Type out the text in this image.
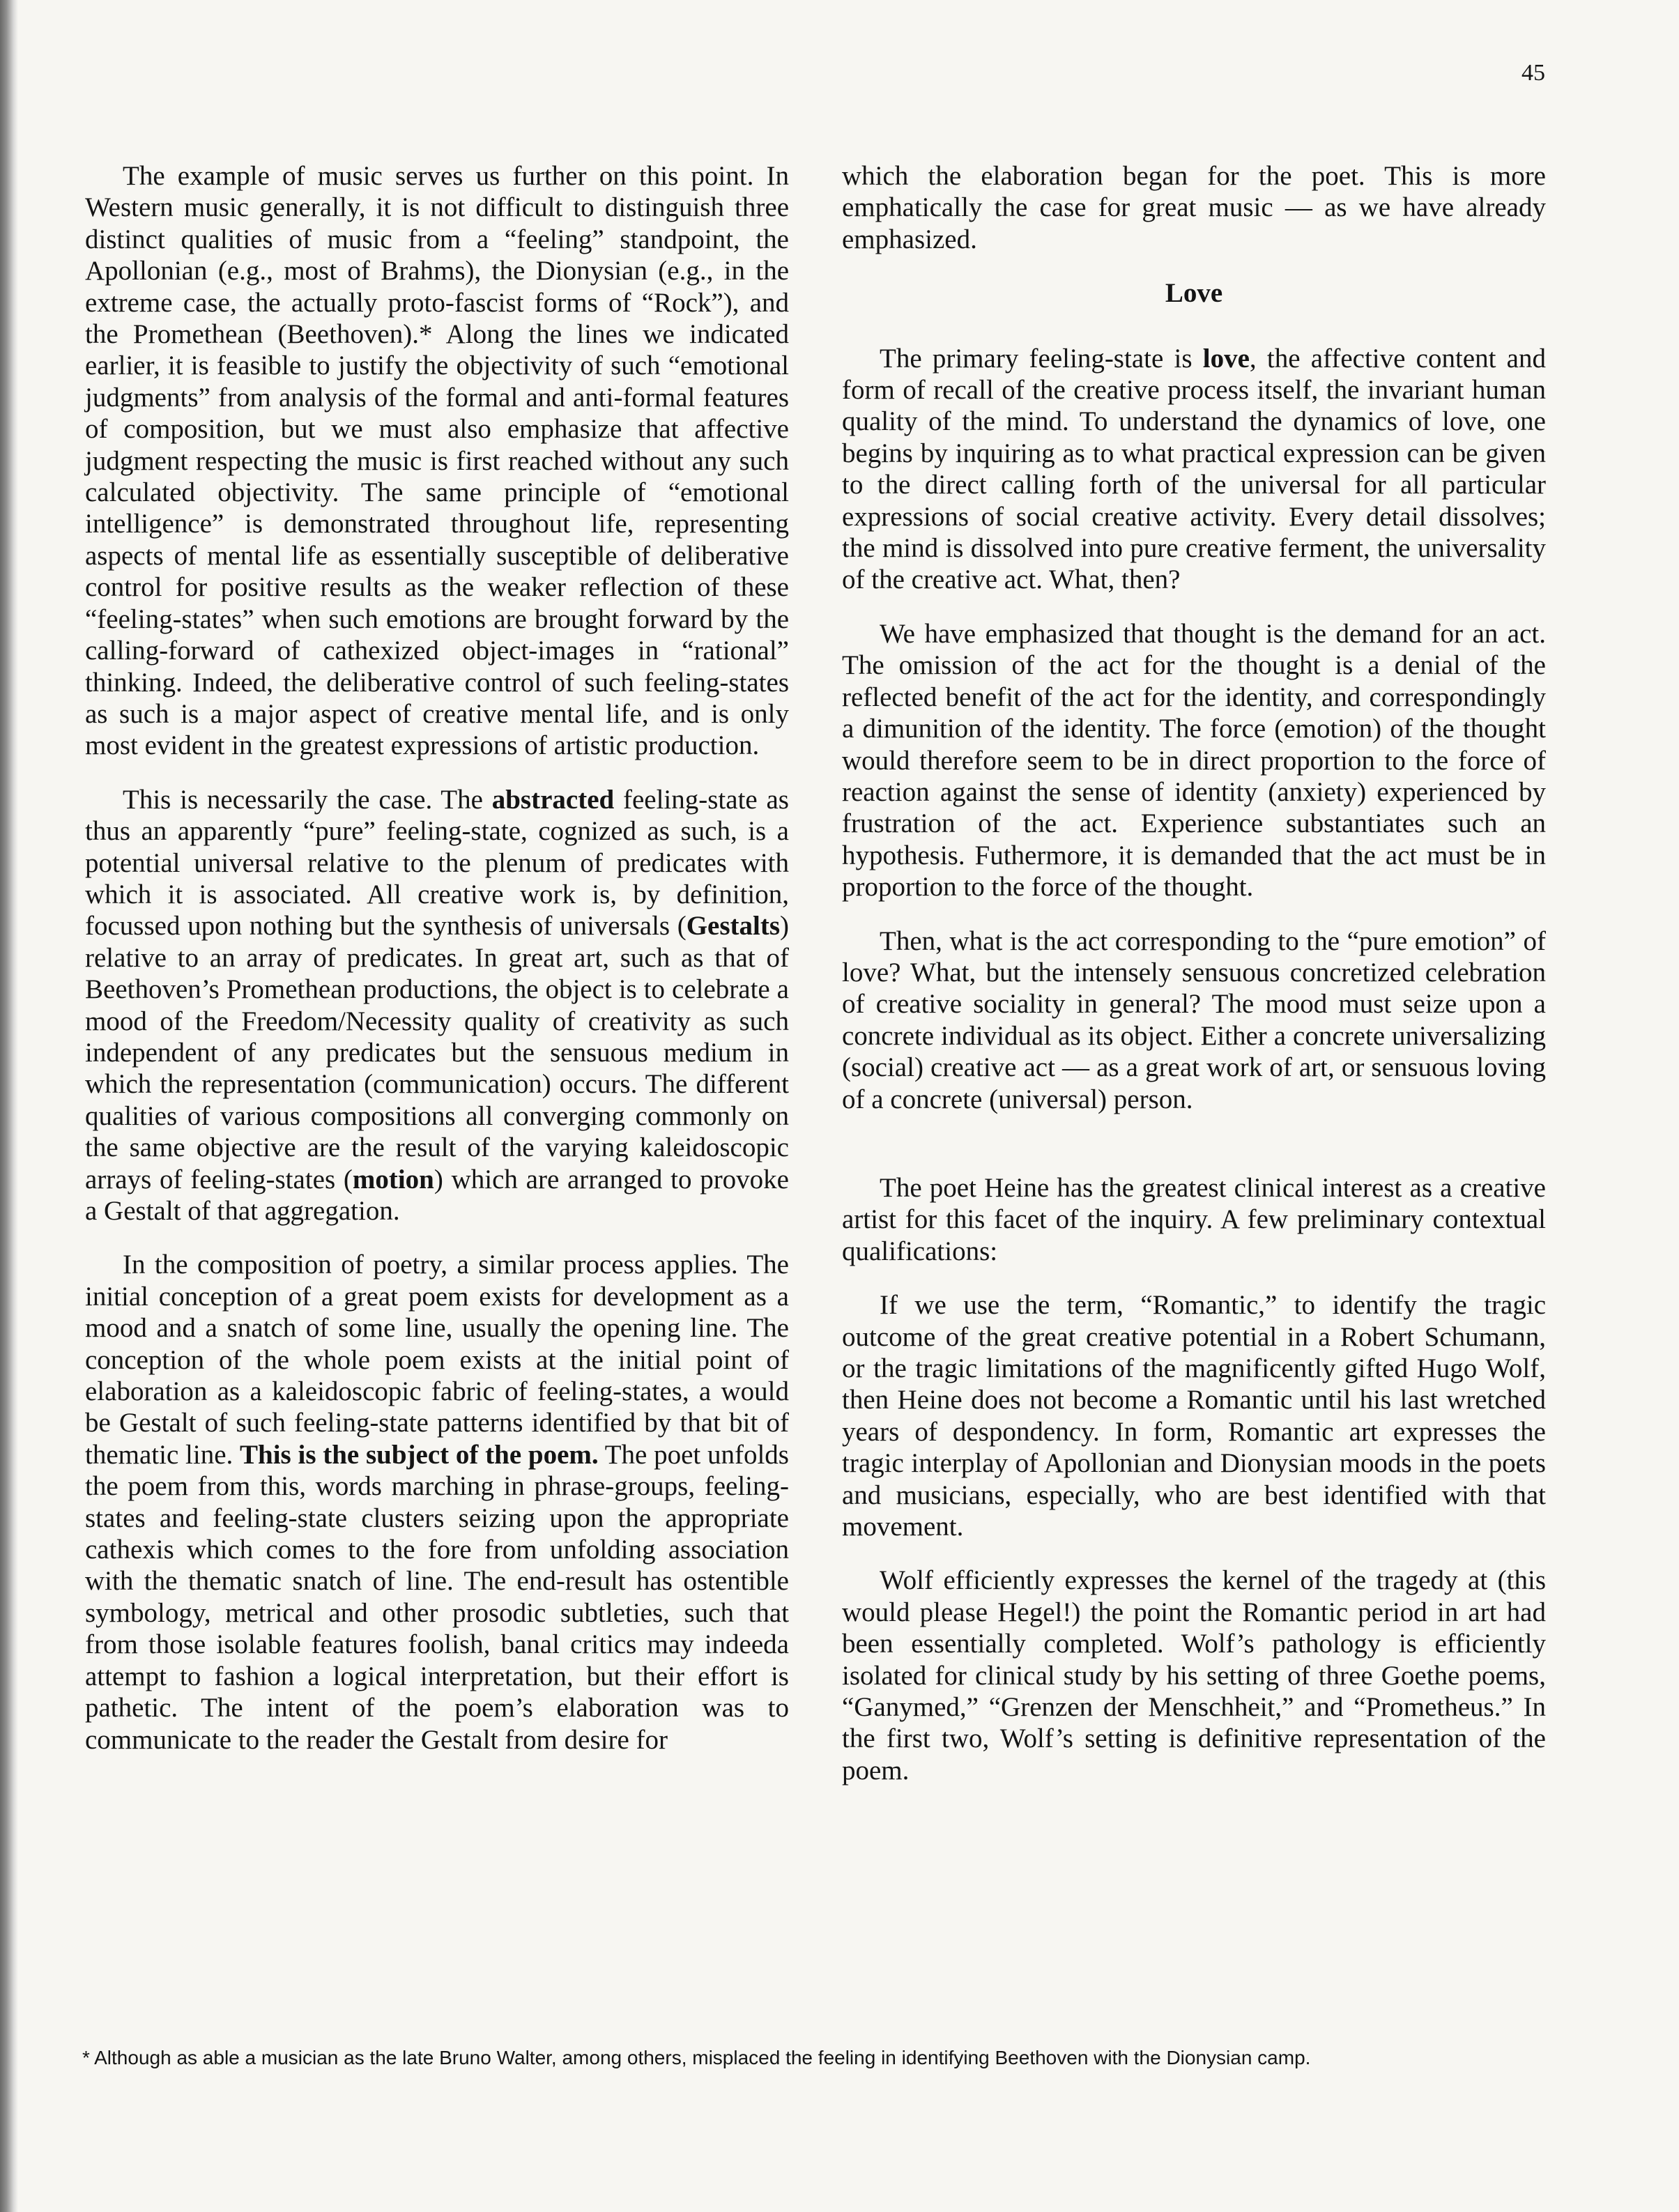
45

The example of music serves us further on this point. In Western music generally, it is not difficult to distinguish three distinct qualities of music from a “feeling” standpoint, the Apollonian (e.g., most of Brahms), the Dionysian (e.g., in the extreme case, the actually proto-fascist forms of “Rock”), and the Promethean (Beethoven).* Along the lines we indicated earlier, it is feasible to justify the objectivity of such “emotional judgments” from analysis of the formal and anti-formal features of composition, but we must also emphasize that affective judgment respecting the music is first reached without any such calculated objectivity. The same principle of “emotional intelligence” is demonstrated throughout life, representing aspects of mental life as essentially susceptible of deliberative control for positive results as the weaker reflection of these “feeling-states” when such emotions are brought forward by the calling-forward of cathexized object-images in “rational” thinking. Indeed, the deliberative control of such feeling-states as such is a major aspect of creative mental life, and is only most evident in the greatest expressions of artistic production.

This is necessarily the case. The abstracted feeling-state as thus an apparently “pure” feeling-state, cognized as such, is a potential universal relative to the plenum of predicates with which it is associated. All creative work is, by definition, focussed upon nothing but the synthesis of universals (Gestalts) relative to an array of predicates. In great art, such as that of Beethoven’s Promethean productions, the object is to celebrate a mood of the Freedom/Necessity quality of creativity as such independent of any predicates but the sensuous medium in which the representation (communication) occurs. The different qualities of various compositions all converging commonly on the same objective are the result of the varying kaleidoscopic arrays of feeling-states (motion) which are arranged to provoke a Gestalt of that aggregation.

In the composition of poetry, a similar process applies. The initial conception of a great poem exists for development as a mood and a snatch of some line, usually the opening line. The conception of the whole poem exists at the initial point of elaboration as a kaleidoscopic fabric of feeling-states, a would be Gestalt of such feeling-state patterns identified by that bit of thematic line. This is the subject of the poem. The poet unfolds the poem from this, words marching in phrase-groups, feeling-states and feeling-state clusters seizing upon the appropriate cathexis which comes to the fore from unfolding association with the thematic snatch of line. The end-result has ostentible symbology, metrical and other prosodic subtleties, such that from those isolable features foolish, banal critics may indeeda attempt to fashion a logical interpretation, but their effort is pathetic. The intent of the poem’s elaboration was to communicate to the reader the Gestalt from desire for

which the elaboration began for the poet. This is more emphatically the case for great music — as we have already emphasized.

Love

The primary feeling-state is love, the affective content and form of recall of the creative process itself, the invariant human quality of the mind. To understand the dynamics of love, one begins by inquiring as to what practical expression can be given to the direct calling forth of the universal for all particular expressions of social creative activity. Every detail dissolves; the mind is dissolved into pure creative ferment, the universality of the creative act. What, then?

We have emphasized that thought is the demand for an act. The omission of the act for the thought is a denial of the reflected benefit of the act for the identity, and correspondingly a dimunition of the identity. The force (emotion) of the thought would therefore seem to be in direct proportion to the force of reaction against the sense of identity (anxiety) experienced by frustration of the act. Experience substantiates such an hypothesis. Futhermore, it is demanded that the act must be in proportion to the force of the thought.

Then, what is the act corresponding to the “pure emotion” of love? What, but the intensely sensuous concretized celebration of creative sociality in general? The mood must seize upon a concrete individual as its object. Either a concrete universalizing (social) creative act — as a great work of art, or sensuous loving of a concrete (universal) person.

The poet Heine has the greatest clinical interest as a creative artist for this facet of the inquiry. A few preliminary contextual qualifications:

If we use the term, “Romantic,” to identify the tragic outcome of the great creative potential in a Robert Schumann, or the tragic limitations of the magnificently gifted Hugo Wolf, then Heine does not become a Romantic until his last wretched years of despondency. In form, Romantic art expresses the tragic interplay of Apollonian and Dionysian moods in the poets and musicians, especially, who are best identified with that movement.

Wolf efficiently expresses the kernel of the tragedy at (this would please Hegel!) the point the Romantic period in art had been essentially completed. Wolf’s pathology is efficiently isolated for clinical study by his setting of three Goethe poems, “Ganymed,” “Grenzen der Menschheit,” and “Prometheus.” In the first two, Wolf’s setting is definitive representation of the poem.

* Although as able a musician as the late Bruno Walter, among others, misplaced the feeling in identifying Beethoven with the Dionysian camp.
